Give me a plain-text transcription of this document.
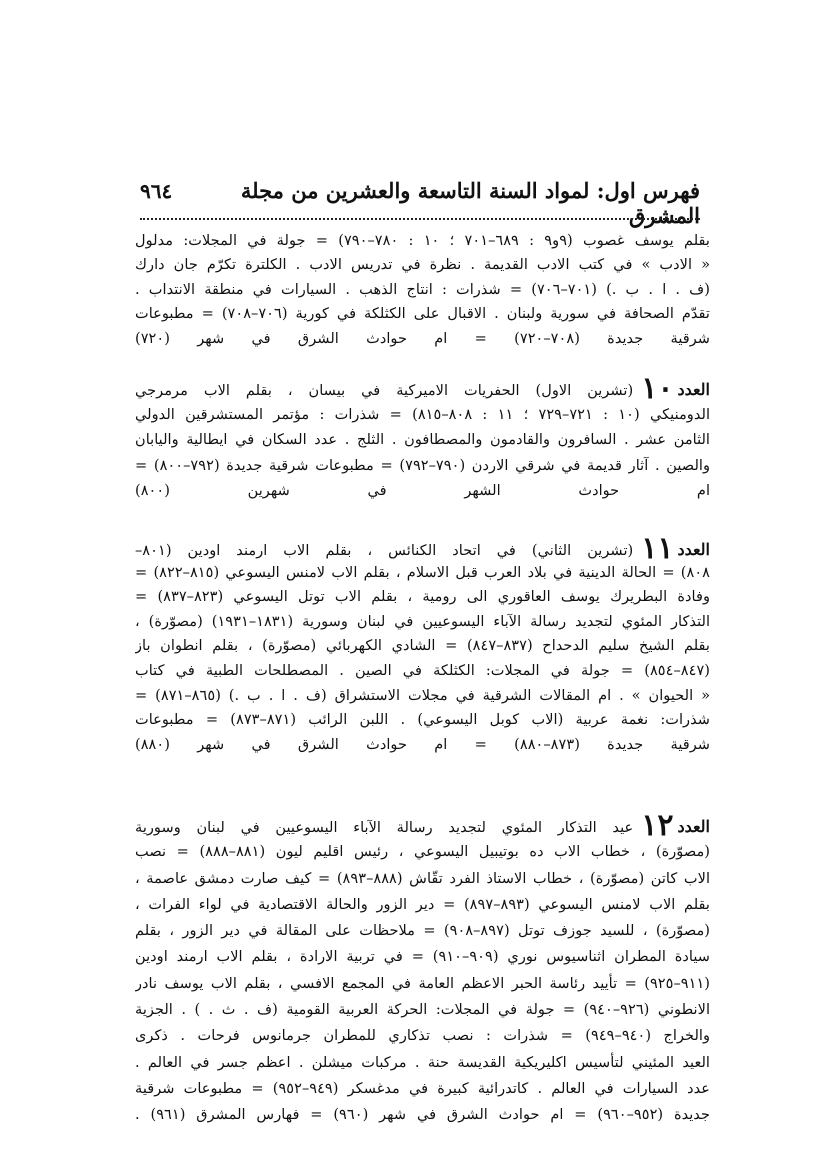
فهرس اول: لمواد السنة التاسعة والعشرين من مجلة المشرق
٩٦٤
بقلم يوسف غصوب (٩و٩ : ٦٨٩–٧٠١ ؛ ١٠ : ٧٨٠–٧٩٠) = جولة في المجلات: مدلول
« الادب » في كتب الادب القديمة . نظرة في تدريس الادب . الكلترة تكرّم جان دارك
(ف . ا . ب .) (٧٠١–٧٠٦) = شذرات : انتاج الذهب . السيارات في منطقة الانتداب .
تقدّم الصحافة في سورية ولبنان . الاقبال على الكثلكة في كورية (٧٠٦–٧٠٨) = مطبوعات
شرقية جديدة (٧٠٨–٧٢٠) = ام حوادث الشرق في شهر (٧٢٠)
العدد١٠(تشرين الاول) الحفريات الاميركية في بيسان ، بقلم الاب مرمرجي
الدومنيكي (١٠ : ٧٢١–٧٢٩ ؛ ١١ : ٨٠٨–٨١٥) = شذرات : مؤتمر المستشرقين الدولي
الثامن عشر . السافرون والقادمون والمصطافون . الثلج . عدد السكان في ايطالية واليابان
والصين . آثار قديمة في شرقي الاردن (٧٩٠–٧٩٢) = مطبوعات شرقية جديدة (٧٩٢–٨٠٠) =
ام حوادث الشهر في شهرين (٨٠٠)
العدد١١(تشرين الثاني) في اتحاد الكنائس ، بقلم الاب ارمند اودين (٨٠١–
٨٠٨) = الحالة الدينية في بلاد العرب قبل الاسلام ، بقلم الاب لامنس اليسوعي (٨١٥–٨٢٢) =
وفادة البطريرك يوسف العاقوري الى رومية ، بقلم الاب توتل اليسوعي (٨٢٣–٨٣٧) =
التذكار المئوي لتجديد رسالة الآباء اليسوعيين في لبنان وسورية (١٨٣١–١٩٣١) (مصوّرة) ،
بقلم الشيخ سليم الدحداح (٨٣٧–٨٤٧) = الشادي الكهربائي (مصوّرة) ، بقلم انطوان باز
(٨٤٧–٨٥٤) = جولة في المجلات: الكثلكة في الصين . المصطلحات الطبية في كتاب
« الحيوان » . ام المقالات الشرقية في مجلات الاستشراق (ف . ا . ب .) (٨٦٥–٨٧١) =
شذرات: نغمة عربية (الاب كوبل اليسوعي) . اللبن الرائب (٨٧١–٨٧٣) = مطبوعات
شرقية جديدة (٨٧٣–٨٨٠) = ام حوادث الشرق في شهر (٨٨٠)
العدد١٢عيد التذكار المئوي لتجديد رسالة الآباء اليسوعيين في لبنان وسورية
(مصوّرة) ، خطاب الاب ده بوتيبيل اليسوعي ، رئيس اقليم ليون (٨٨١–٨٨٨) = نصب
الاب كاتن (مصوّرة) ، خطاب الاستاذ الفرد تقّاش (٨٨٨–٨٩٣) = كيف صارت دمشق عاصمة ،
بقلم الاب لامنس اليسوعي (٨٩٣–٨٩٧) = دير الزور والحالة الاقتصادية في لواء الفرات ،
(مصوّرة) ، للسيد جوزف توتل (٨٩٧–٩٠٨) = ملاحظات على المقالة في دير الزور ، بقلم
سيادة المطران اثناسيوس نوري (٩٠٩–٩١٠) = في تربية الارادة ، بقلم الاب ارمند اودين
(٩١١–٩٢٥) = تأييد رئاسة الحبر الاعظم العامة في المجمع الافسي ، بقلم الاب يوسف نادر
الانطوني (٩٢٦–٩٤٠) = جولة في المجلات: الحركة العربية القومية (ف . ث . ) . الجزية
والخراج (٩٤٠–٩٤٩) = شذرات : نصب تذكاري للمطران جرمانوس فرحات . ذكرى
العيد المئيني لتأسيس اكليريكية القديسة حنة . مركبات ميشلن . اعظم جسر في العالم .
عدد السيارات في العالم . كاتدرائية كبيرة في مدغسكر (٩٤٩–٩٥٢) = مطبوعات شرقية
جديدة (٩٥٢–٩٦٠) = ام حوادث الشرق في شهر (٩٦٠) = فهارس المشرق (٩٦١) .
